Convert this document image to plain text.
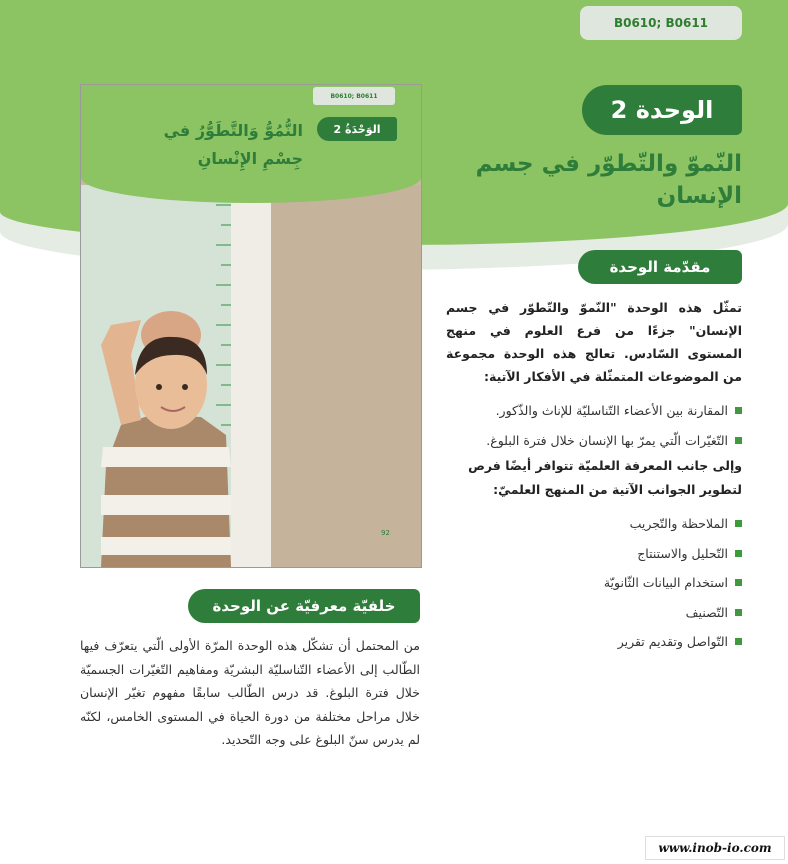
B0610; B0611
الوحدة 2
النّموّ والتّطوّر في جسم الإنسان
B0610; B0611
الوَحْدَةُ 2
النُّمُوُّ وَالتَّطَوُّرُ في جِسْمِ الإِنْسانِ
92
مقدّمة الوحدة
تمثّل هذه الوحدة "النّموّ والتّطوّر في جسم الإنسان" جزءًا من فرع العلوم في منهج المستوى السّادس. تعالج هذه الوحدة مجموعة من الموضوعات المتمثّلة في الأفكار الآتية:
المقارنة بين الأعضاء التّناسليّة للإناث والذّكور.
التّغيّرات الّتي يمرّ بها الإنسان خلال فترة البلوغ.
وإلى جانب المعرفة العلميّة تتوافر أيضًا فرص لتطوير الجوانب الآتية من المنهج العلميّ:
الملاحظة والتّجريب
التّحليل والاستنتاج
استخدام البيانات الثّانويّة
التّصنيف
التّواصل وتقديم تقرير
خلفيّة معرفيّة عن الوحدة
من المحتمل أن تشكّل هذه الوحدة المرّة الأولى الّتي يتعرّف فيها الطّالب إلى الأعضاء التّناسليّة البشريّة ومفاهيم التّغيّرات الجسميّة خلال فترة البلوغ. قد درس الطّالب سابقًا مفهوم تغيّر الإنسان خلال مراحل مختلفة من دورة الحياة في المستوى الخامس، لكنّه لم يدرس سنّ البلوغ على وجه التّحديد.
www.inob-io.com
